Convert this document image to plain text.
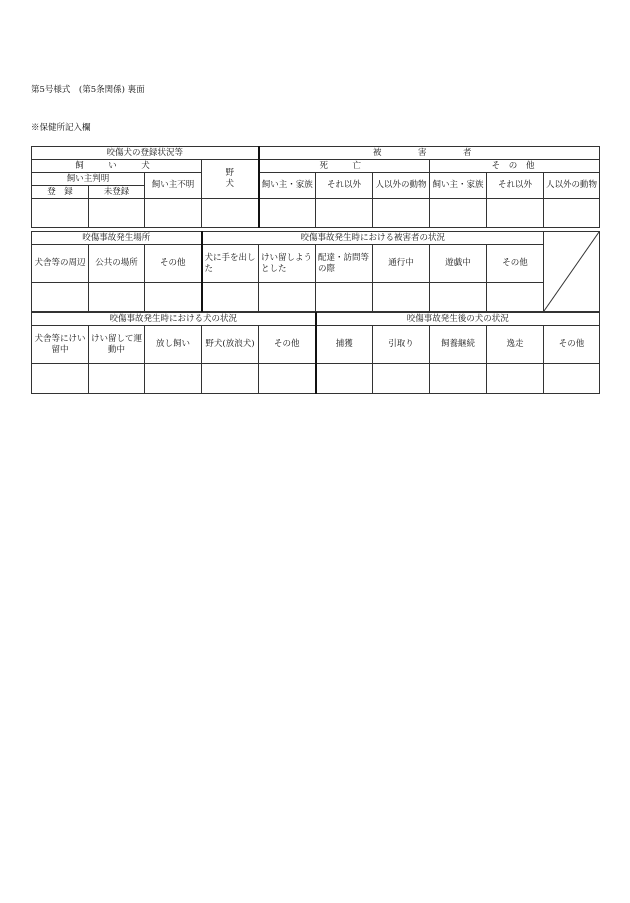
第5号様式　(第5条関係) 裏面
※保健所記入欄
咬傷犬の登録状況等				被　害　者					
飼　い　犬			野犬	死　亡			そ の 他		
飼い主判明		飼い主不明		飼い主・家族	それ以外	人以外の動物	飼い主・家族	それ以外	人以外の動物
登　録	未登録								

咬傷事故発生場所			咬傷事故発生時における被害者の状況	

犬舎等の周辺	公共の場所	その他	犬に手を出した	けい留しようとした	配達・訪問等の際	通行中	遊戯中	その他	

咬傷事故発生時における犬の状況					咬傷事故発生後の犬の状況				
犬舎等にけい留中	けい留して運動中	放し飼い	野犬(放浪犬)	その他	捕獲	引取り	飼養継続	逸走	その他
